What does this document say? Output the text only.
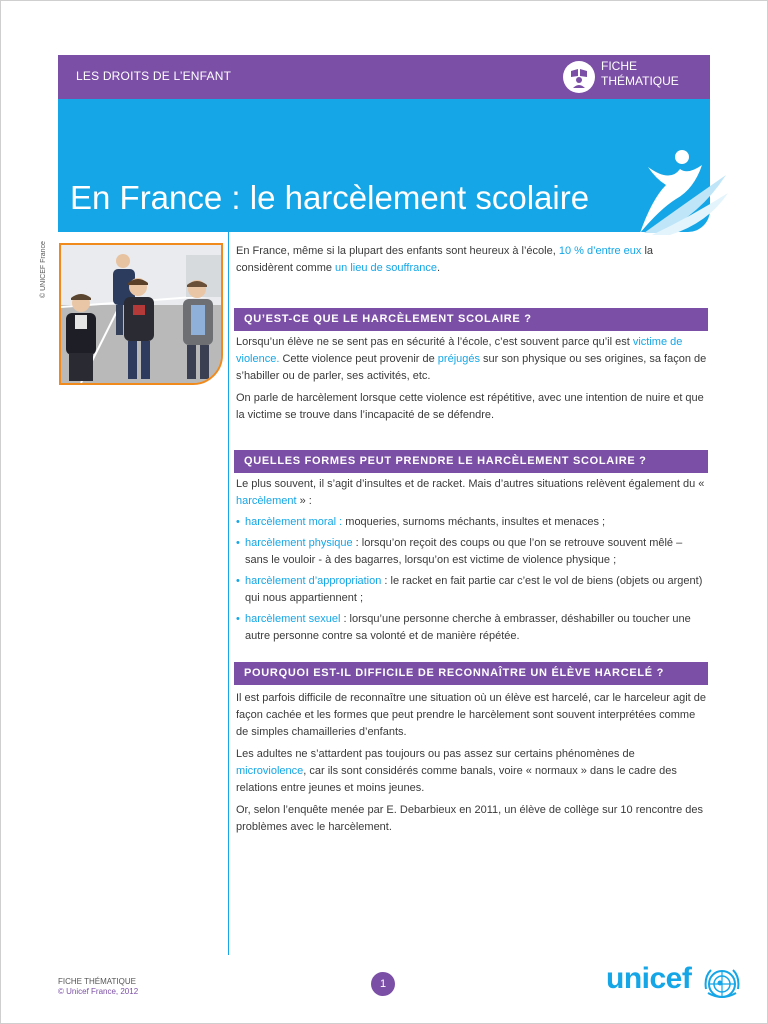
LES DROITS DE L’ENFANT
FICHE
THÉMATIQUE
En France : le harcèlement scolaire
© UNICEF France	En France, même si la plupart des enfants sont heureux à l’école, 10 % d’entre eux la considèrent comme un lieu de souffrance.

QU’EST-CE QUE LE HARCÈLEMENT SCOLAIRE ?

Lorsqu’un élève ne se sent pas en sécurité à l’école, c’est souvent parce qu’il est victime de violence. Cette violence peut provenir de préjugés sur son physique ou ses origines, sa façon de s’habiller ou de parler, ses activités, etc.

On parle de harcèlement lorsque cette violence est répétitive, avec une intention de nuire et que la victime se trouve dans l’incapacité de se défendre.

QUELLES FORMES PEUT PRENDRE LE HARCÈLEMENT SCOLAIRE ?

Le plus souvent, il s’agit d’insultes et de racket. Mais d’autres situations relèvent également du « harcèlement » :

• harcèlement moral : moqueries, surnoms méchants, insultes et menaces ;
• harcèlement physique : lorsqu’on reçoit des coups ou que l’on se retrouve souvent mêlé – sans le vouloir - à des bagarres, lorsqu’on est victime de violence physique ;
• harcèlement d’appropriation : le racket en fait partie car c’est le vol de biens (objets ou argent) qui nous appartiennent ;
• harcèlement sexuel : lorsqu’une personne cherche à embrasser, déshabiller ou toucher une autre personne contre sa volonté et de manière répétée.
POURQUOI EST-IL DIFFICILE DE RECONNAÎTRE UN ÉLÈVE HARCELÉ ?

Il est parfois difficile de reconnaître une situation où un élève est harcelé, car le harceleur agit de façon cachée et les formes que peut prendre le harcèlement sont souvent interprétées comme de simples chamailleries d’enfants.

Les adultes ne s’attardent pas toujours ou pas assez sur certains phénomènes de microviolence, car ils sont considérés comme banals, voire « normaux » dans le cadre des relations entre jeunes et moins jeunes.

Or, selon l’enquête menée par E. Debarbieux en 2011, un élève de collège sur 10 rencontre des problèmes avec le harcèlement.

FICHE THÉMATIQUE
© Unicef France, 2012
1	unicef
